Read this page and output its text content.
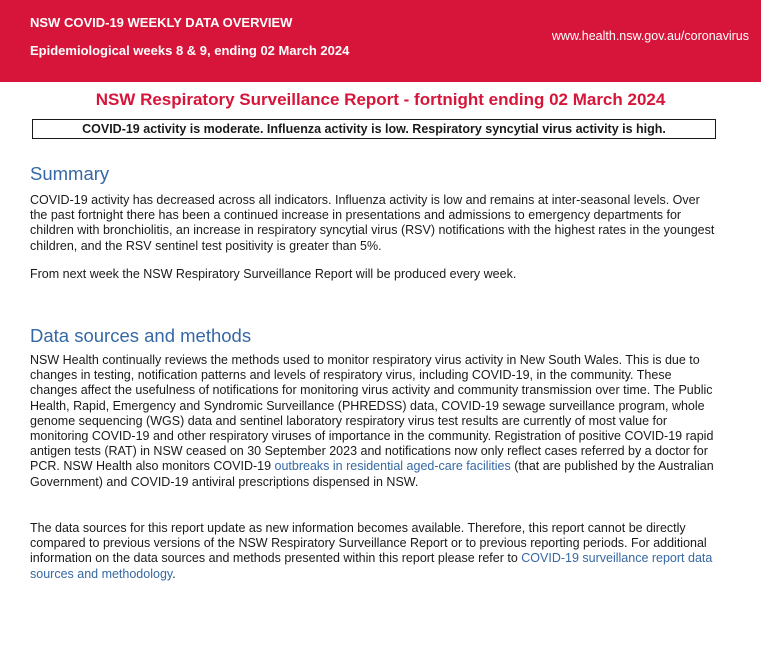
NSW COVID-19 WEEKLY DATA OVERVIEW

Epidemiological weeks 8 & 9, ending 02 March 2024

www.health.nsw.gov.au/coronavirus
NSW Respiratory Surveillance Report - fortnight ending 02 March 2024
COVID-19 activity is moderate. Influenza activity is low. Respiratory syncytial virus activity is high.
Summary

COVID-19 activity has decreased across all indicators. Influenza activity is low and remains at inter-seasonal levels. Over the past fortnight there has been a continued increase in presentations and admissions to emergency departments for children with bronchiolitis, an increase in respiratory syncytial virus (RSV) notifications with the highest rates in the youngest children, and the RSV sentinel test positivity is greater than 5%.

From next week the NSW Respiratory Surveillance Report will be produced every week.

Data sources and methods

NSW Health continually reviews the methods used to monitor respiratory virus activity in New South Wales. This is due to changes in testing, notification patterns and levels of respiratory virus, including COVID-19, in the community. These changes affect the usefulness of notifications for monitoring virus activity and community transmission over time. The Public Health, Rapid, Emergency and Syndromic Surveillance (PHREDSS) data, COVID-19 sewage surveillance program, whole genome sequencing (WGS) data and sentinel laboratory respiratory virus test results are currently of most value for monitoring COVID-19 and other respiratory viruses of importance in the community. Registration of positive COVID-19 rapid antigen tests (RAT) in NSW ceased on 30 September 2023 and notifications now only reflect cases referred by a doctor for PCR. NSW Health also monitors COVID-19 outbreaks in residential aged-care facilities (that are published by the Australian Government) and COVID-19 antiviral prescriptions dispensed in NSW.

The data sources for this report update as new information becomes available. Therefore, this report cannot be directly compared to previous versions of the NSW Respiratory Surveillance Report or to previous reporting periods. For additional information on the data sources and methods presented within this report please refer to COVID-19 surveillance report data sources and methodology.
